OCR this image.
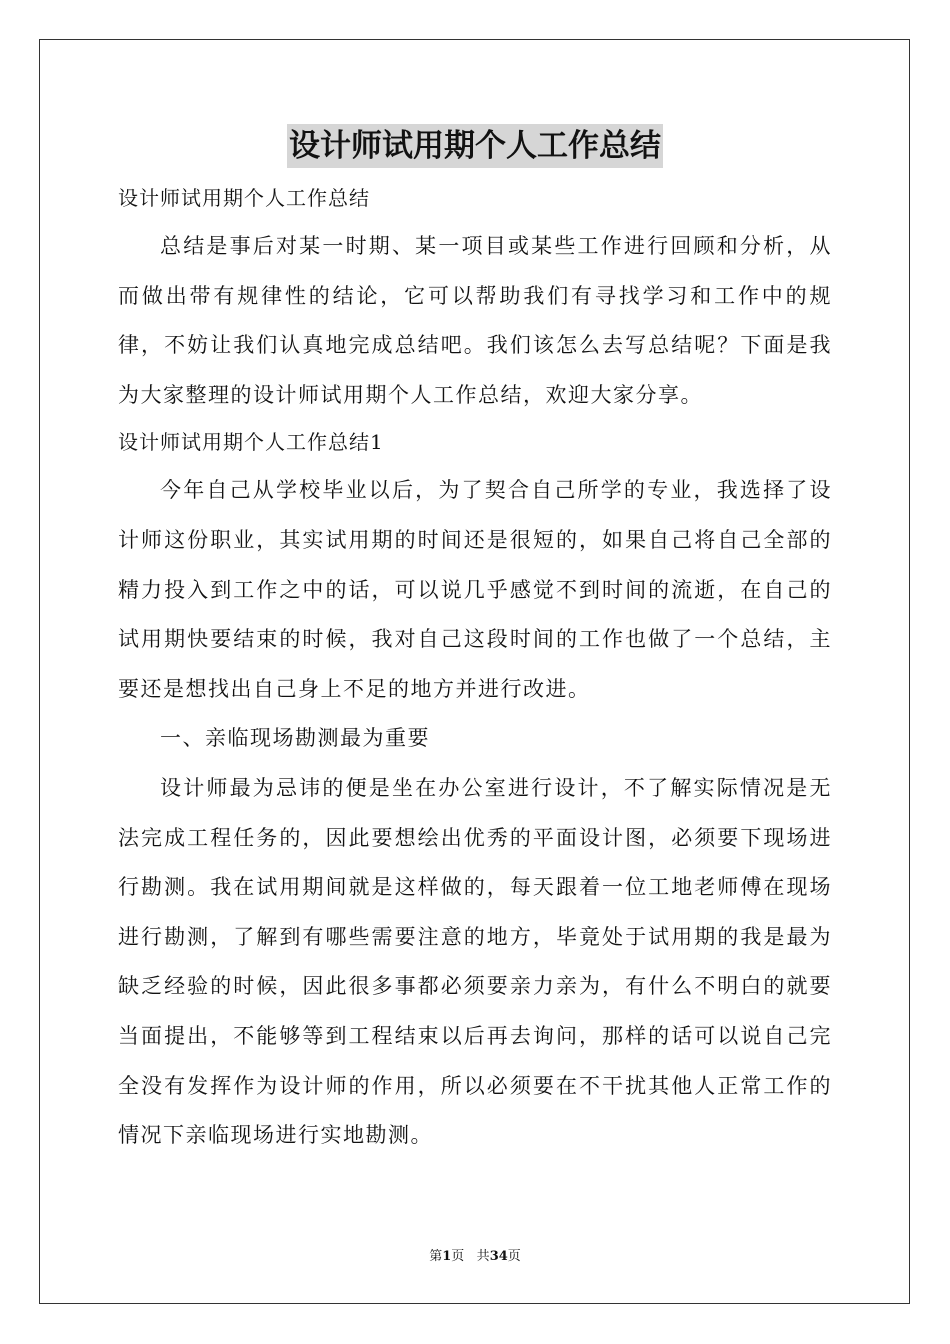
设计师试用期个人工作总结
设计师试用期个人工作总结

总结是事后对某一时期、某一项目或某些工作进行回顾和分析，从而做出带有规律性的结论，它可以帮助我们有寻找学习和工作中的规律，不妨让我们认真地完成总结吧。我们该怎么去写总结呢？下面是我为大家整理的设计师试用期个人工作总结，欢迎大家分享。

设计师试用期个人工作总结1

今年自己从学校毕业以后，为了契合自己所学的专业，我选择了设计师这份职业，其实试用期的时间还是很短的，如果自己将自己全部的精力投入到工作之中的话，可以说几乎感觉不到时间的流逝，在自己的试用期快要结束的时候，我对自己这段时间的工作也做了一个总结，主要还是想找出自己身上不足的地方并进行改进。

一、亲临现场勘测最为重要

设计师最为忌讳的便是坐在办公室进行设计，不了解实际情况是无法完成工程任务的，因此要想绘出优秀的平面设计图，必须要下现场进行勘测。我在试用期间就是这样做的，每天跟着一位工地老师傅在现场进行勘测，了解到有哪些需要注意的地方，毕竟处于试用期的我是最为缺乏经验的时候，因此很多事都必须要亲力亲为，有什么不明白的就要当面提出，不能够等到工程结束以后再去询问，那样的话可以说自己完全没有发挥作为设计师的作用，所以必须要在不干扰其他人正常工作的情况下亲临现场进行实地勘测。

第1页 共34页
